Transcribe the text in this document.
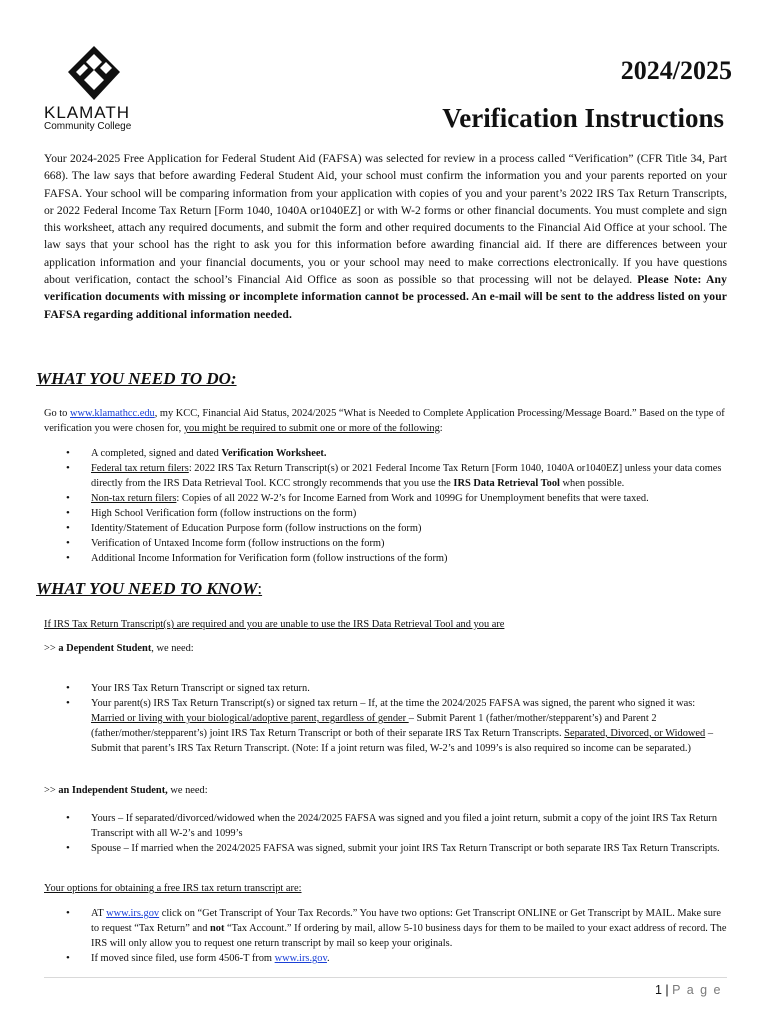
KLAMATH
Community College
2024/2025
Verification Instructions
Your 2024-2025 Free Application for Federal Student Aid (FAFSA) was selected for review in a process called “Verification” (CFR Title 34, Part 668). The law says that before awarding Federal Student Aid, your school must confirm the information you and your parents reported on your FAFSA. Your school will be comparing information from your application with copies of you and your parent’s 2022 IRS Tax Return Transcripts, or 2022 Federal Income Tax Return [Form 1040, 1040A or1040EZ] or with W-2 forms or other financial documents. You must complete and sign this worksheet, attach any required documents, and submit the form and other required documents to the Financial Aid Office at your school. The law says that your school has the right to ask you for this information before awarding financial aid. If there are differences between your application information and your financial documents, you or your school may need to make corrections electronically. If you have questions about verification, contact the school’s Financial Aid Office as soon as possible so that processing will not be delayed. Please Note: Any verification documents with missing or incomplete information cannot be processed. An e-mail will be sent to the address listed on your FAFSA regarding additional information needed.
WHAT YOU NEED TO DO:
Go to www.klamathcc.edu, my KCC, Financial Aid Status, 2024/2025 “What is Needed to Complete Application Processing/Message Board.” Based on the type of verification you were chosen for, you might be required to submit one or more of the following:
• A completed, signed and dated Verification Worksheet.
• Federal tax return filers: 2022 IRS Tax Return Transcript(s) or 2021 Federal Income Tax Return [Form 1040, 1040A or1040EZ] unless your data comes directly from the IRS Data Retrieval Tool. KCC strongly recommends that you use the IRS Data Retrieval Tool when possible.
• Non-tax return filers: Copies of all 2022 W-2’s for Income Earned from Work and 1099G for Unemployment benefits that were taxed.
• High School Verification form (follow instructions on the form)
• Identity/Statement of Education Purpose form (follow instructions on the form)
• Verification of Untaxed Income form (follow instructions on the form)
• Additional Income Information for Verification form (follow instructions of the form)
WHAT YOU NEED TO KNOW:
If IRS Tax Return Transcript(s) are required and you are unable to use the IRS Data Retrieval Tool and you are
>> a Dependent Student, we need:
• Your IRS Tax Return Transcript or signed tax return.
• Your parent(s) IRS Tax Return Transcript(s) or signed tax return – If, at the time the 2024/2025 FAFSA was signed, the parent who signed it was: Married or living with your biological/adoptive parent, regardless of gender – Submit Parent 1 (father/mother/stepparent’s) and Parent 2 (father/mother/stepparent’s) joint IRS Tax Return Transcript or both of their separate IRS Tax Return Transcripts. Separated, Divorced, or Widowed – Submit that parent’s IRS Tax Return Transcript. (Note: If a joint return was filed, W-2’s and 1099’s is also required so income can be separated.)
>> an Independent Student, we need:
• Yours – If separated/divorced/widowed when the 2024/2025 FAFSA was signed and you filed a joint return, submit a copy of the joint IRS Tax Return Transcript with all W-2’s and 1099’s
• Spouse – If married when the 2024/2025 FAFSA was signed, submit your joint IRS Tax Return Transcript or both separate IRS Tax Return Transcripts.
Your options for obtaining a free IRS tax return transcript are:
• AT www.irs.gov click on “Get Transcript of Your Tax Records.” You have two options: Get Transcript ONLINE or Get Transcript by MAIL. Make sure to request “Tax Return” and not “Tax Account.” If ordering by mail, allow 5-10 business days for them to be mailed to your exact address of record. The IRS will only allow you to request one return transcript by mail so keep your originals.
• If moved since filed, use form 4506-T from www.irs.gov.
1 | P a g e
